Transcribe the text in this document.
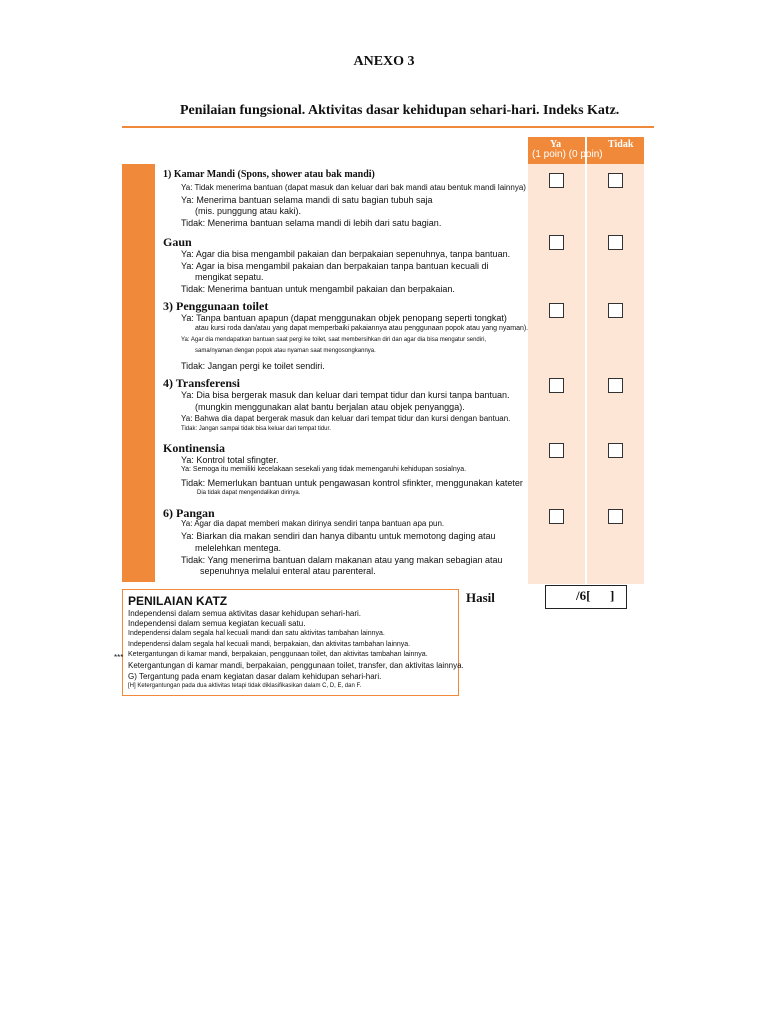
ANEXO 3
Penilaian fungsional. Aktivitas dasar kehidupan sehari-hari. Indeks Katz.
Ya	Tidak
(1 poin) (0 poin)
1) Kamar Mandi (Spons, shower atau bak mandi)
Ya: Tidak menerima bantuan (dapat masuk dan keluar dari bak mandi atau bentuk mandi lainnya)
Ya: Menerima bantuan selama mandi di satu bagian tubuh saja
(mis. punggung atau kaki).
Tidak: Menerima bantuan selama mandi di lebih dari satu bagian.
Gaun
Ya: Agar dia bisa mengambil pakaian dan berpakaian sepenuhnya, tanpa bantuan.
Ya: Agar ia bisa mengambil pakaian dan berpakaian tanpa bantuan kecuali di
mengikat sepatu.
Tidak: Menerima bantuan untuk mengambil pakaian dan berpakaian.
3) Penggunaan toilet
Ya: Tanpa bantuan apapun (dapat menggunakan objek penopang seperti tongkat)
atau kursi roda dan/atau yang dapat memperbaiki pakaiannya atau penggunaan popok atau yang nyaman).
Ya: Agar dia mendapatkan bantuan saat pergi ke toilet, saat membersihkan diri dan agar dia bisa mengatur sendiri,
sama/nyaman dengan popok atau nyaman saat mengosongkannya.
Tidak: Jangan pergi ke toilet sendiri.
4) Transferensi
Ya: Dia bisa bergerak masuk dan keluar dari tempat tidur dan kursi tanpa bantuan.
(mungkin menggunakan alat bantu berjalan atau objek penyangga).
Ya: Bahwa dia dapat bergerak masuk dan keluar dari tempat tidur dan kursi dengan bantuan.
Tidak: Jangan sampai tidak bisa keluar dari tempat tidur.
Kontinensia
Ya: Kontrol total sfingter.
Ya: Semoga itu memiliki kecelakaan sesekali yang tidak memengaruhi kehidupan sosialnya.
Tidak: Memerlukan bantuan untuk pengawasan kontrol sfinkter, menggunakan kateter
Dia tidak dapat mengendalikan dirinya.
6) Pangan
Ya: Agar dia dapat memberi makan dirinya sendiri tanpa bantuan apa pun.
Ya: Biarkan dia makan sendiri dan hanya dibantu untuk memotong daging atau
melelehkan mentega.
Tidak: Yang menerima bantuan dalam makanan atau yang makan sebagian atau
sepenuhnya melalui enteral atau parenteral.
Hasil	/6[      ]
PENILAIAN KATZ
***
Independensi dalam semua aktivitas dasar kehidupan sehari-hari.
Independensi dalam semua kegiatan kecuali satu.
Independensi dalam segala hal kecuali mandi dan satu aktivitas tambahan lainnya.
Independensi dalam segala hal kecuali mandi, berpakaian, dan aktivitas tambahan lainnya.
Ketergantungan di kamar mandi, berpakaian, penggunaan toilet, dan aktivitas tambahan lainnya.
Ketergantungan di kamar mandi, berpakaian, penggunaan toilet, transfer, dan aktivitas lainnya.
G) Tergantung pada enam kegiatan dasar dalam kehidupan sehari-hari.
[H] Ketergantungan pada dua aktivitas tetapi tidak diklasifikasikan dalam C, D, E, dan F.
